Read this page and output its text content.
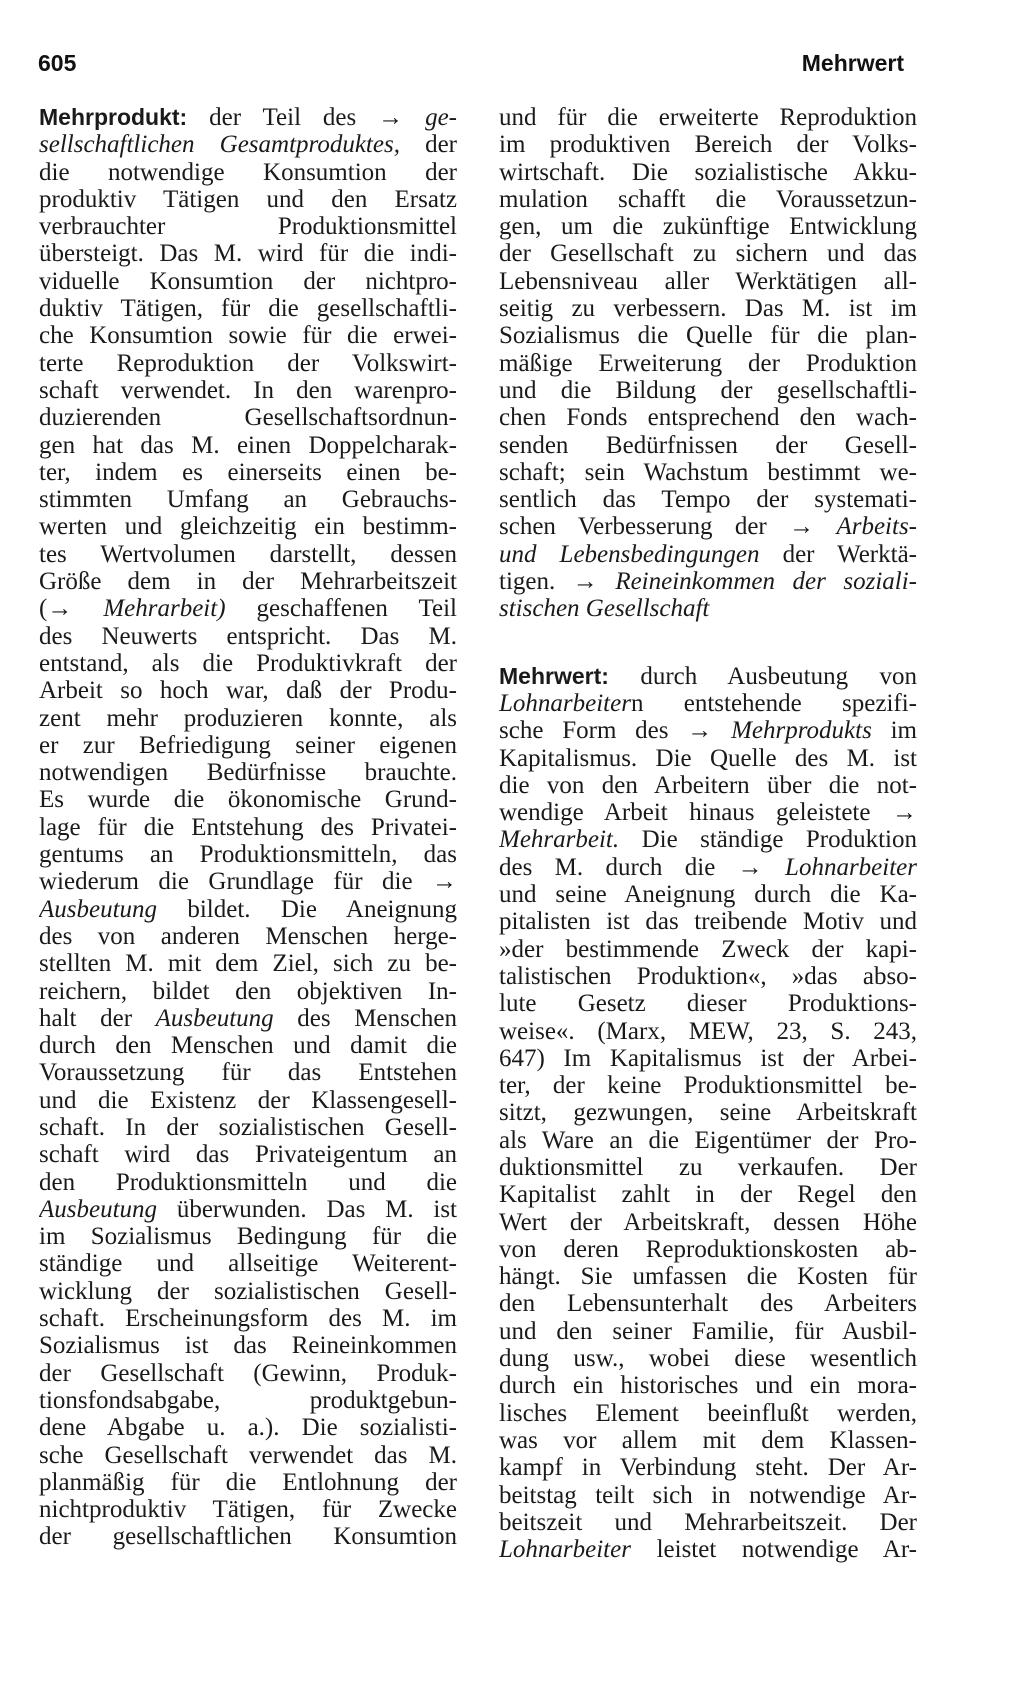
605	Mehrwert
Mehrprodukt: der Teil des → ge-
sellschaftlichen Gesamtproduktes, der
die notwendige Konsumtion der
produktiv Tätigen und den Ersatz
verbrauchter Produktionsmittel
übersteigt. Das M. wird für die indi-
viduelle Konsumtion der nichtpro-
duktiv Tätigen, für die gesellschaftli-
che Konsumtion sowie für die erwei-
terte Reproduktion der Volkswirt-
schaft verwendet. In den warenpro-
duzierenden Gesellschaftsordnun-
gen hat das M. einen Doppelcharak-
ter, indem es einerseits einen be-
stimmten Umfang an Gebrauchs-
werten und gleichzeitig ein bestimm-
tes Wertvolumen darstellt, dessen
Größe dem in der Mehrarbeitszeit
(→ Mehrarbeit) geschaffenen Teil
des Neuwerts entspricht. Das M.
entstand, als die Produktivkraft der
Arbeit so hoch war, daß der Produ-
zent mehr produzieren konnte, als
er zur Befriedigung seiner eigenen
notwendigen Bedürfnisse brauchte.
Es wurde die ökonomische Grund-
lage für die Entstehung des Privatei-
gentums an Produktionsmitteln, das
wiederum die Grundlage für die →
Ausbeutung bildet. Die Aneignung
des von anderen Menschen herge-
stellten M. mit dem Ziel, sich zu be-
reichern, bildet den objektiven In-
halt der Ausbeutung des Menschen
durch den Menschen und damit die
Voraussetzung für das Entstehen
und die Existenz der Klassengesell-
schaft. In der sozialistischen Gesell-
schaft wird das Privateigentum an
den Produktionsmitteln und die
Ausbeutung überwunden. Das M. ist
im Sozialismus Bedingung für die
ständige und allseitige Weiterent-
wicklung der sozialistischen Gesell-
schaft. Erscheinungsform des M. im
Sozialismus ist das Reineinkommen
der Gesellschaft (Gewinn, Produk-
tionsfondsabgabe, produktgebun-
dene Abgabe u. a.). Die sozialisti-
sche Gesellschaft verwendet das M.
planmäßig für die Entlohnung der
nichtproduktiv Tätigen, für Zwecke
der gesellschaftlichen Konsumtion
und für die erweiterte Reproduktion
im produktiven Bereich der Volks-
wirtschaft. Die sozialistische Akku-
mulation schafft die Voraussetzun-
gen, um die zukünftige Entwicklung
der Gesellschaft zu sichern und das
Lebensniveau aller Werktätigen all-
seitig zu verbessern. Das M. ist im
Sozialismus die Quelle für die plan-
mäßige Erweiterung der Produktion
und die Bildung der gesellschaftli-
chen Fonds entsprechend den wach-
senden Bedürfnissen der Gesell-
schaft; sein Wachstum bestimmt we-
sentlich das Tempo der systemati-
schen Verbesserung der → Arbeits-
und Lebensbedingungen der Werktä-
tigen. → Reineinkommen der soziali-
stischen Gesellschaft
Mehrwert: durch Ausbeutung von
Lohnarbeitern entstehende spezifi-
sche Form des → Mehrprodukts im
Kapitalismus. Die Quelle des M. ist
die von den Arbeitern über die not-
wendige Arbeit hinaus geleistete →
Mehrarbeit. Die ständige Produktion
des M. durch die → Lohnarbeiter
und seine Aneignung durch die Ka-
pitalisten ist das treibende Motiv und
»der bestimmende Zweck der kapi-
talistischen Produktion«, »das abso-
lute Gesetz dieser Produktions-
weise«. (Marx, MEW, 23, S. 243,
647) Im Kapitalismus ist der Arbei-
ter, der keine Produktionsmittel be-
sitzt, gezwungen, seine Arbeitskraft
als Ware an die Eigentümer der Pro-
duktionsmittel zu verkaufen. Der
Kapitalist zahlt in der Regel den
Wert der Arbeitskraft, dessen Höhe
von deren Reproduktionskosten ab-
hängt. Sie umfassen die Kosten für
den Lebensunterhalt des Arbeiters
und den seiner Familie, für Ausbil-
dung usw., wobei diese wesentlich
durch ein historisches und ein mora-
lisches Element beeinflußt werden,
was vor allem mit dem Klassen-
kampf in Verbindung steht. Der Ar-
beitstag teilt sich in notwendige Ar-
beitszeit und Mehrarbeitszeit. Der
Lohnarbeiter leistet notwendige Ar-
